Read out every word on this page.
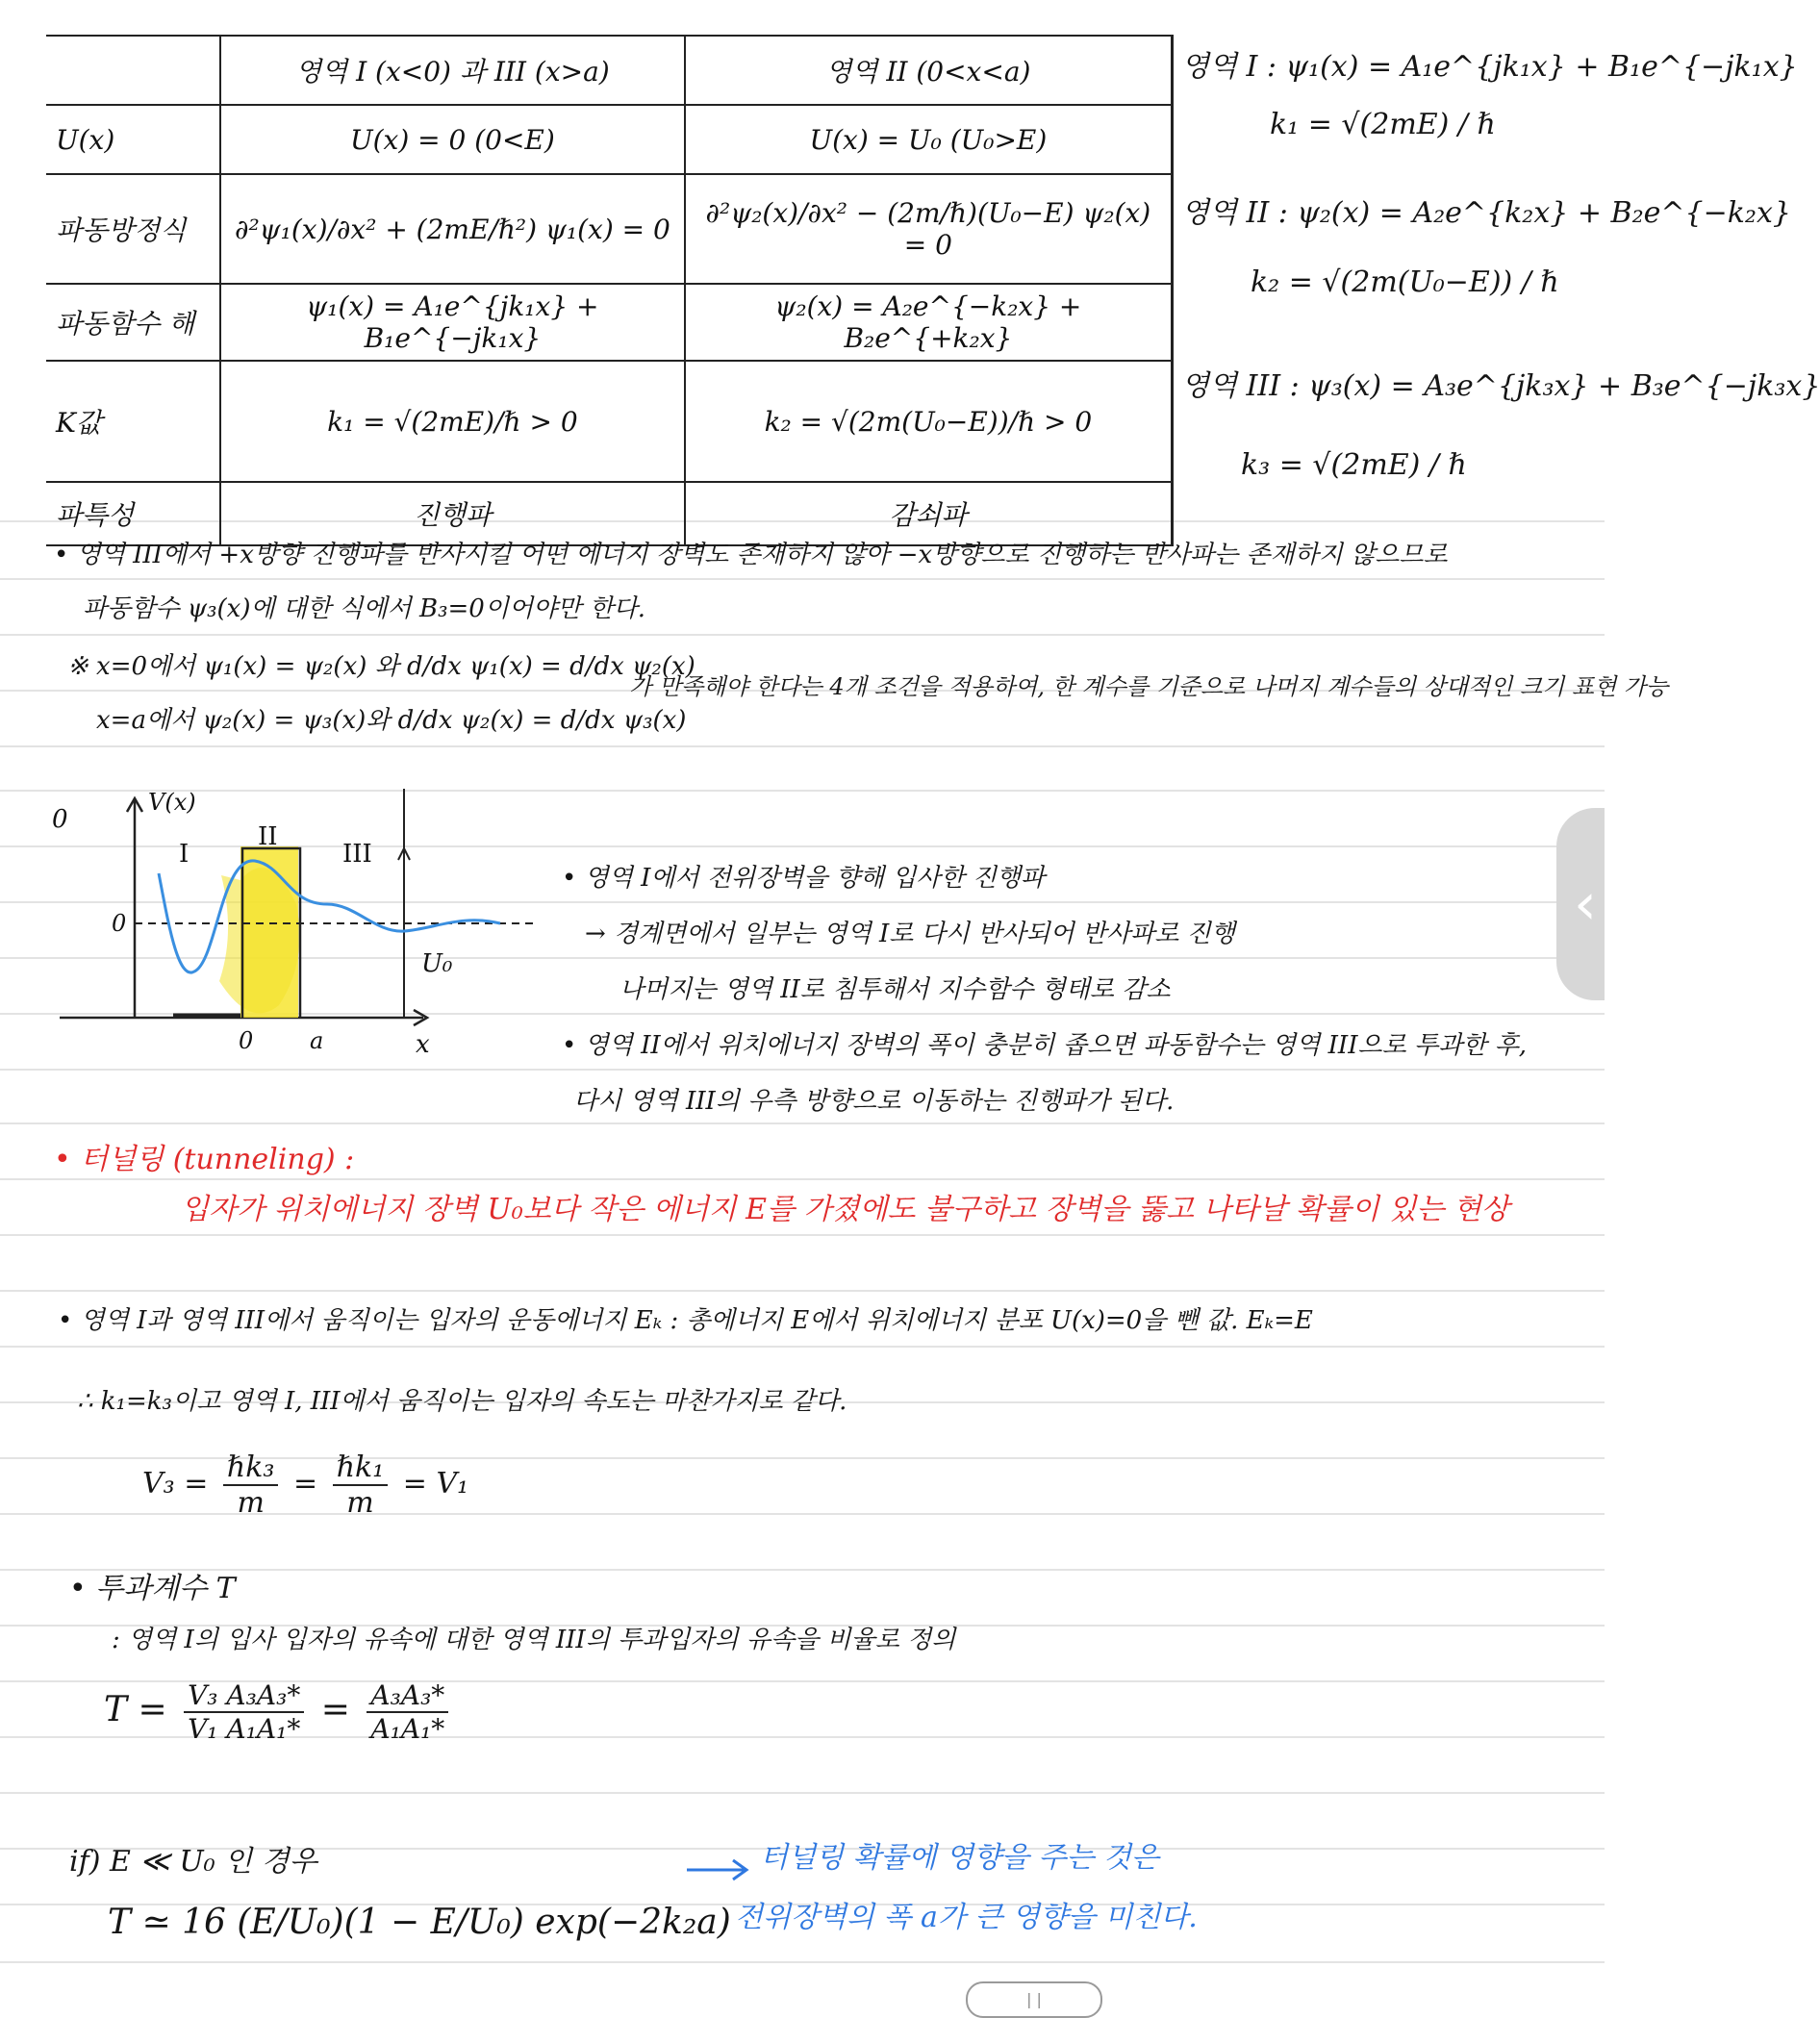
	영역 I (x<0) 과 III (x>a)	영역 II (0<x<a)
U(x)	U(x) = 0 (0<E)	U(x) = U₀ (U₀>E)
파동방정식	∂²ψ₁(x)/∂x² + (2mE/ℏ²) ψ₁(x) = 0	∂²ψ₂(x)/∂x² − (2m/ℏ)(U₀−E) ψ₂(x) = 0
파동함수 해	ψ₁(x) = A₁e^{jk₁x} + B₁e^{−jk₁x}	ψ₂(x) = A₂e^{−k₂x} + B₂e^{+k₂x}
K값	k₁ = √(2mE)/ℏ > 0	k₂ = √(2m(U₀−E))/ℏ > 0
파특성	진행파	감쇠파
영역 I : ψ₁(x) = A₁e^{jk₁x} + B₁e^{−jk₁x}
k₁ = √(2mE) / ℏ
영역 II : ψ₂(x) = A₂e^{k₂x} + B₂e^{−k₂x}
k₂ = √(2m(U₀−E)) / ℏ
영역 III : ψ₃(x) = A₃e^{jk₃x} + B₃e^{−jk₃x}
k₃ = √(2mE) / ℏ
• 영역 III에서 +x방향 진행파를 반사시킬 어떤 에너지 장벽도 존재하지 않아 −x방향으로 진행하는 반사파는 존재하지 않으므로
파동함수 ψ₃(x)에 대한 식에서 B₃=0이어야만 한다.
※ x=0에서 ψ₁(x) = ψ₂(x) 와 d/dx ψ₁(x) = d/dx ψ₂(x)
x=a에서 ψ₂(x) = ψ₃(x)와 d/dx ψ₂(x) = d/dx ψ₃(x)
가 만족해야 한다는 4개 조건을 적용하여, 한 계수를 기준으로 나머지 계수들의 상대적인 크기 표현 가능
0
V(x)
x
0
I
II
III
U₀
0 a
• 영역 I에서 전위장벽을 향해 입사한 진행파
→ 경계면에서 일부는 영역 I로 다시 반사되어 반사파로 진행
나머지는 영역 II로 침투해서 지수함수 형태로 감소
• 영역 II에서 위치에너지 장벽의 폭이 충분히 좁으면 파동함수는 영역 III으로 투과한 후,
다시 영역 III의 우측 방향으로 이동하는 진행파가 된다.
• 터널링 (tunneling) :
입자가 위치에너지 장벽 U₀보다 작은 에너지 E를 가졌에도 불구하고 장벽을 뚫고 나타날 확률이 있는 현상
• 영역 I과 영역 III에서 움직이는 입자의 운동에너지 Eₖ : 총에너지 E에서 위치에너지 분포 U(x)=0을 뺀 값. Eₖ=E
∴ k₁=k₃이고 영역 I, III에서 움직이는 입자의 속도는 마찬가지로 같다.
$V_3 = \frac{\text{ℏk₃}}{m} = \frac{\text{ℏk₁}}{m} = V_1$
• 투과계수 T
: 영역 I의 입사 입자의 유속에 대한 영역 III의 투과입자의 유속을 비율로 정의
$T = \frac{\text{V₃ A₃A₃*}}{\text{V₁ A₁A₁*}} = \frac{\text{A₃A₃*}}{\text{A₁A₁*}}$
if) E ≪ U₀ 인 경우
T ≃ 16 (E/U₀)(1 − E/U₀) exp(−2k₂a)
터널링 확률에 영향을 주는 것은
전위장벽의 폭 a가 큰 영향을 미친다.
‹
| |
